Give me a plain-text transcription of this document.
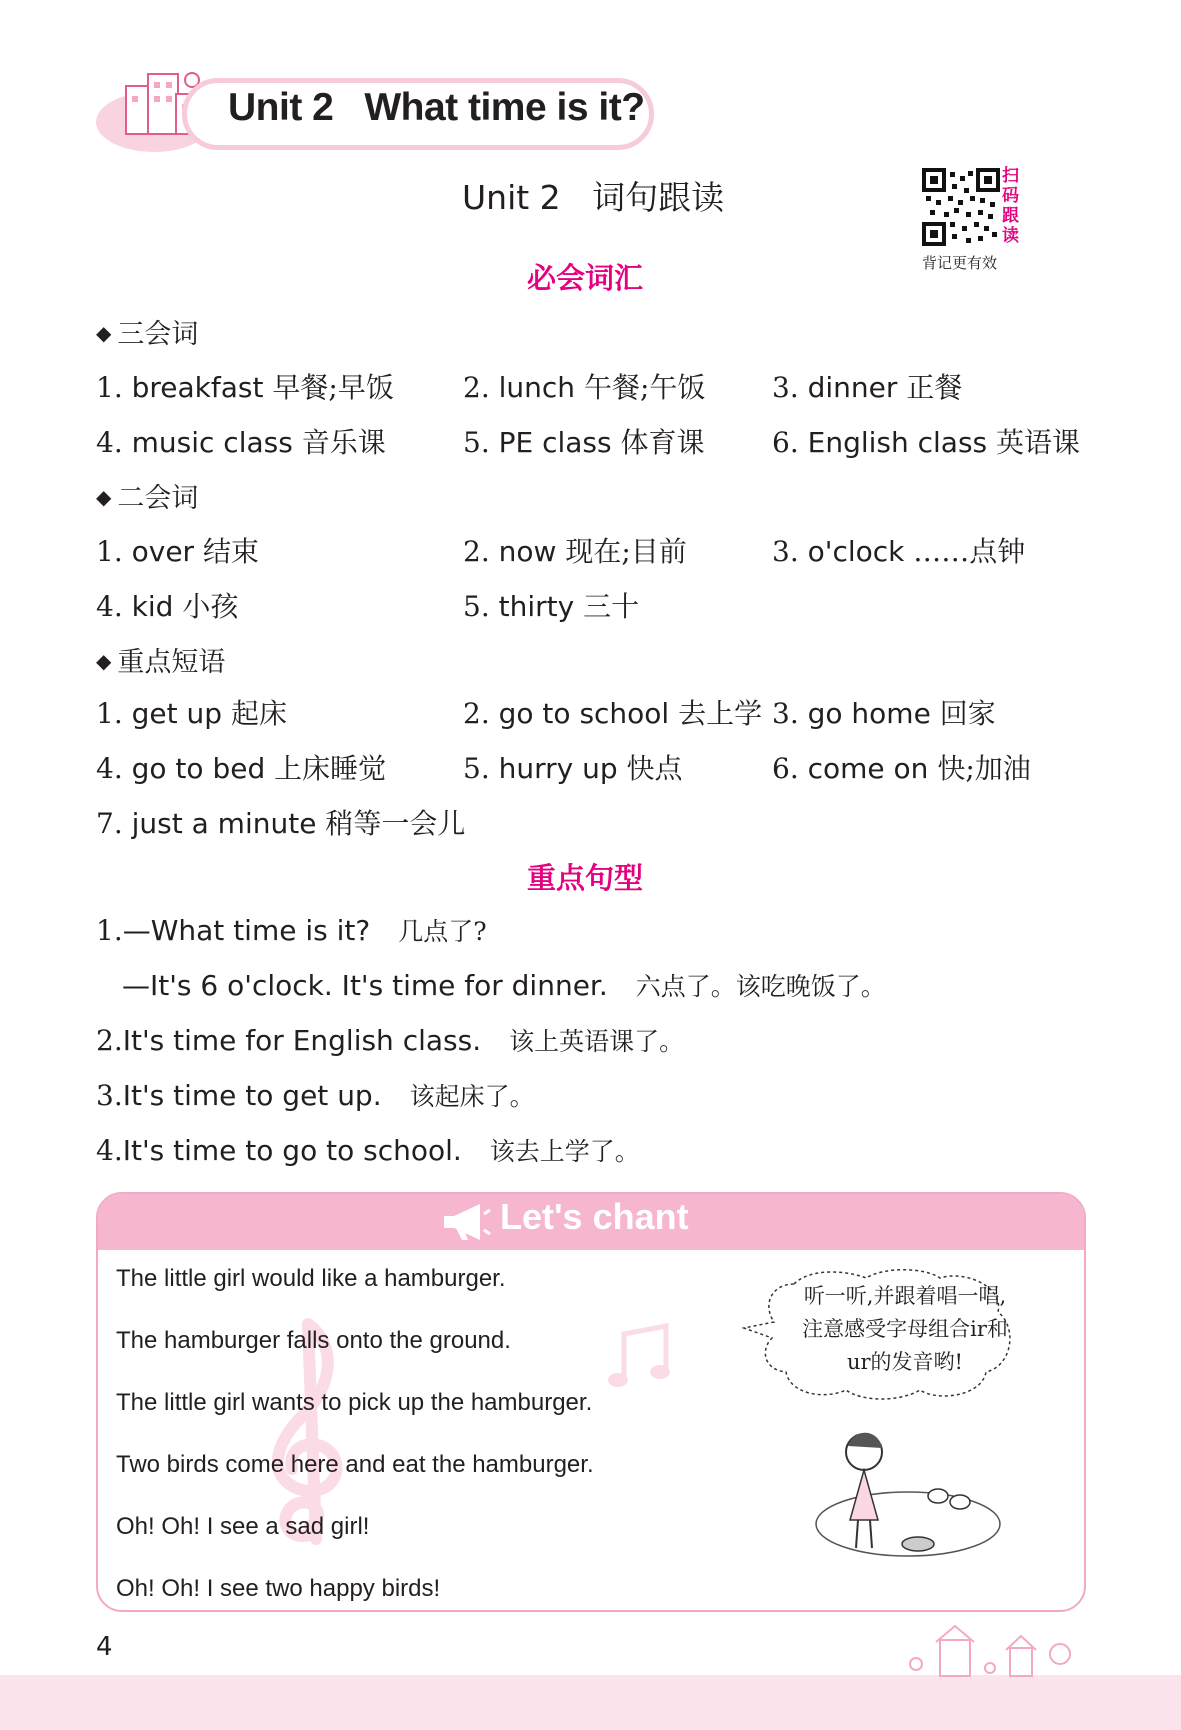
Unit 2   What time is it?
Unit 2   词句跟读
扫码跟读
背记更有效
必会词汇
◆ 三会词
1. breakfast 早餐;早饭 2. lunch 午餐;午饭 3. dinner 正餐
4. music class 音乐课	5. PE class 体育课 6. English class 英语课
◆ 二会词
1. over 结束	2. now 现在;目前	3. o'clock ……点钟
4. kid 小孩	5. thirty 三十
◆ 重点短语
1. get up 起床	2. go to school 去上学 3. go home 回家
4. go to bed 上床睡觉	5. hurry up 快点	6. come on 快;加油
7. just a minute 稍等一会儿
重点句型
1.—What time is it? 几点了?
—It's 6 o'clock. It's time for dinner. 六点了。该吃晚饭了。
2.It's time for English class. 该上英语课了。
3.It's time to get up. 该起床了。
4.It's time to go to school. 该去上学了。
Let's chant
The little girl would like a hamburger.
The hamburger falls onto the ground.
The little girl wants to pick up the hamburger.
Two birds come here and eat the hamburger.
Oh! Oh! I see a sad girl!
Oh! Oh! I see two happy birds!
听一听,并跟着唱一唱,注意感受字母组合ir和ur的发音哟!
4
